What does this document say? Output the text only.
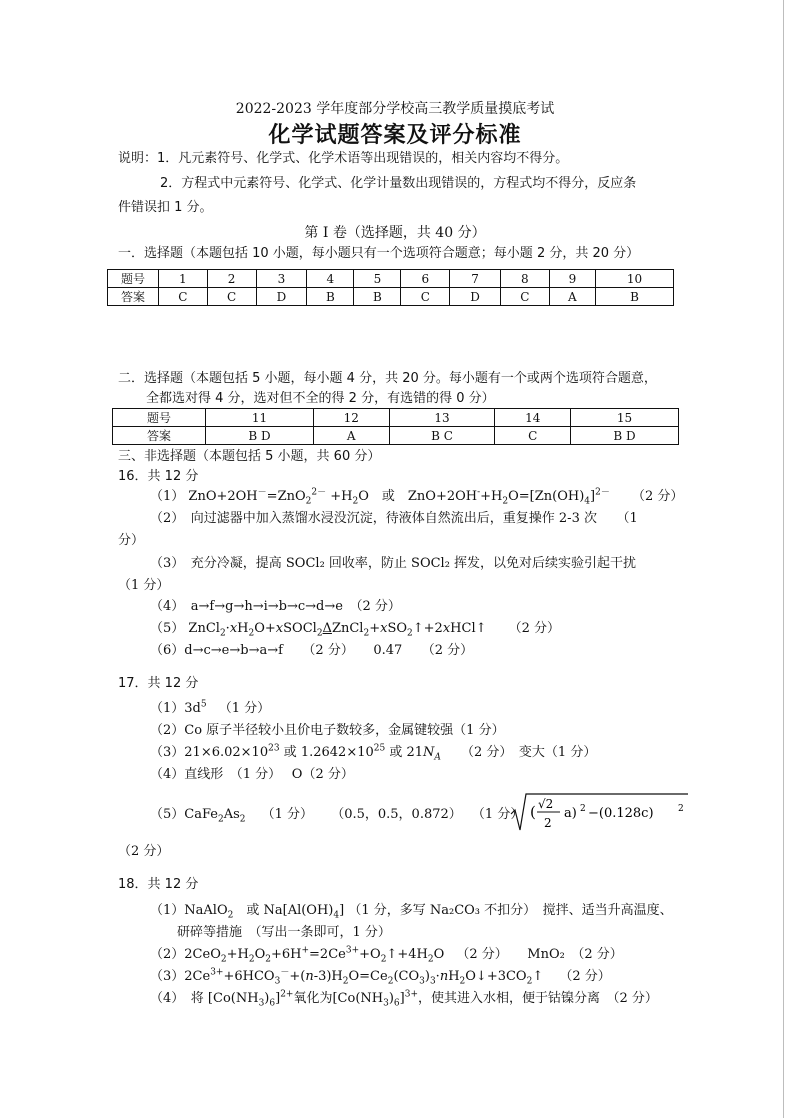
2022-2023 学年度部分学校高三教学质量摸底考试
化学试题答案及评分标准
说明：1．凡元素符号、化学式、化学术语等出现错误的，相关内容均不得分。
2．方程式中元素符号、化学式、化学计量数出现错误的，方程式均不得分，反应条
件错误扣 1 分。
第 I 卷（选择题，共 40 分）
一．选择题（本题包括 10 小题，每小题只有一个选项符合题意；每小题 2 分，共 20 分）
题号	1	2	3	4	5	6	7	8	9	10
答案	C	C	D	B	B	C	D	C	A	B
二．选择题（本题包括 5 小题，每小题 4 分，共 20 分。每小题有一个或两个选项符合题意，
全都选对得 4 分，选对但不全的得 2 分，有选错的得 0 分）
题号	11	12	13	14	15
答案	B D	A	B C	C	B D
三、非选择题（本题包括 5 小题，共 60 分）
16．共 12 分
（1） $ZnO+2OH^-=ZnO_2^{2-} +H_2O$　或　$ZnO+2OH^-+H_2O=[Zn(OH)_4]^{2-}$ （2 分）
（2）　向过滤器中加入蒸馏水浸没沉淀，待液体自然流出后，重复操作 2-3 次　　（1
分）
（3）　充分冷凝，提高 SOCl₂ 回收率，防止 SOCl₂ 挥发，以免对后续实验引起干扰
（1 分）
（4）　a→f→g→h→i→b→c→d→e　（2 分）
（5） $ZnCl_2\cdot xH_2O+xSOCl_2\Delta ZnCl_2+xSO_2↑+2xHCl↑$ （2 分）
（6）d→c→e→b→a→f　　（2 分）　　0.47　　（2 分）
17．共 12 分
$(1)3d^5$ （1 分）
（2）Co 原子半径较小且价电子数较多，金属键较强（1 分）
$(3)21\times 6.02\times 10^{23}$ 或 $1.2642\times 10^{25}$ 或 $21N_A$ （2 分）　变大（1 分）
（4）直线形　（1 分）　 O（2 分）
$(5)CaFe_2As_2$ （1 分） （0.5，0.5，0.872） （1 分） ( √2
2
a) 2 −(0.128c)	2
（2 分）
18．共 12 分
（1）NaAlO$_2$　或 $Na[Al(OH)_4]$ （1 分，多写 Na₂CO₃ 不扣分）　搅拌、适当升高温度、
研碎等措施　（写出一条即可，1 分）
$(2)2CeO_2+H_2O_2+6H^+=2Ce^{3+}+O_2↑+4H_2O$ （2 分）　　MnO₂　（2 分）
$(3)2Ce^{3+}+6HCO_3^-+(n-3)H_2O=Ce_2(CO_3)_3\cdot nH_2O↓+3CO_2↑$ （2 分）
（4）　将 $[Co(NH_3)_6]^{2+}$氧化为$[Co(NH_3)_6]^{3+}$，使其进入水相，便于钴镍分离　（2 分）
